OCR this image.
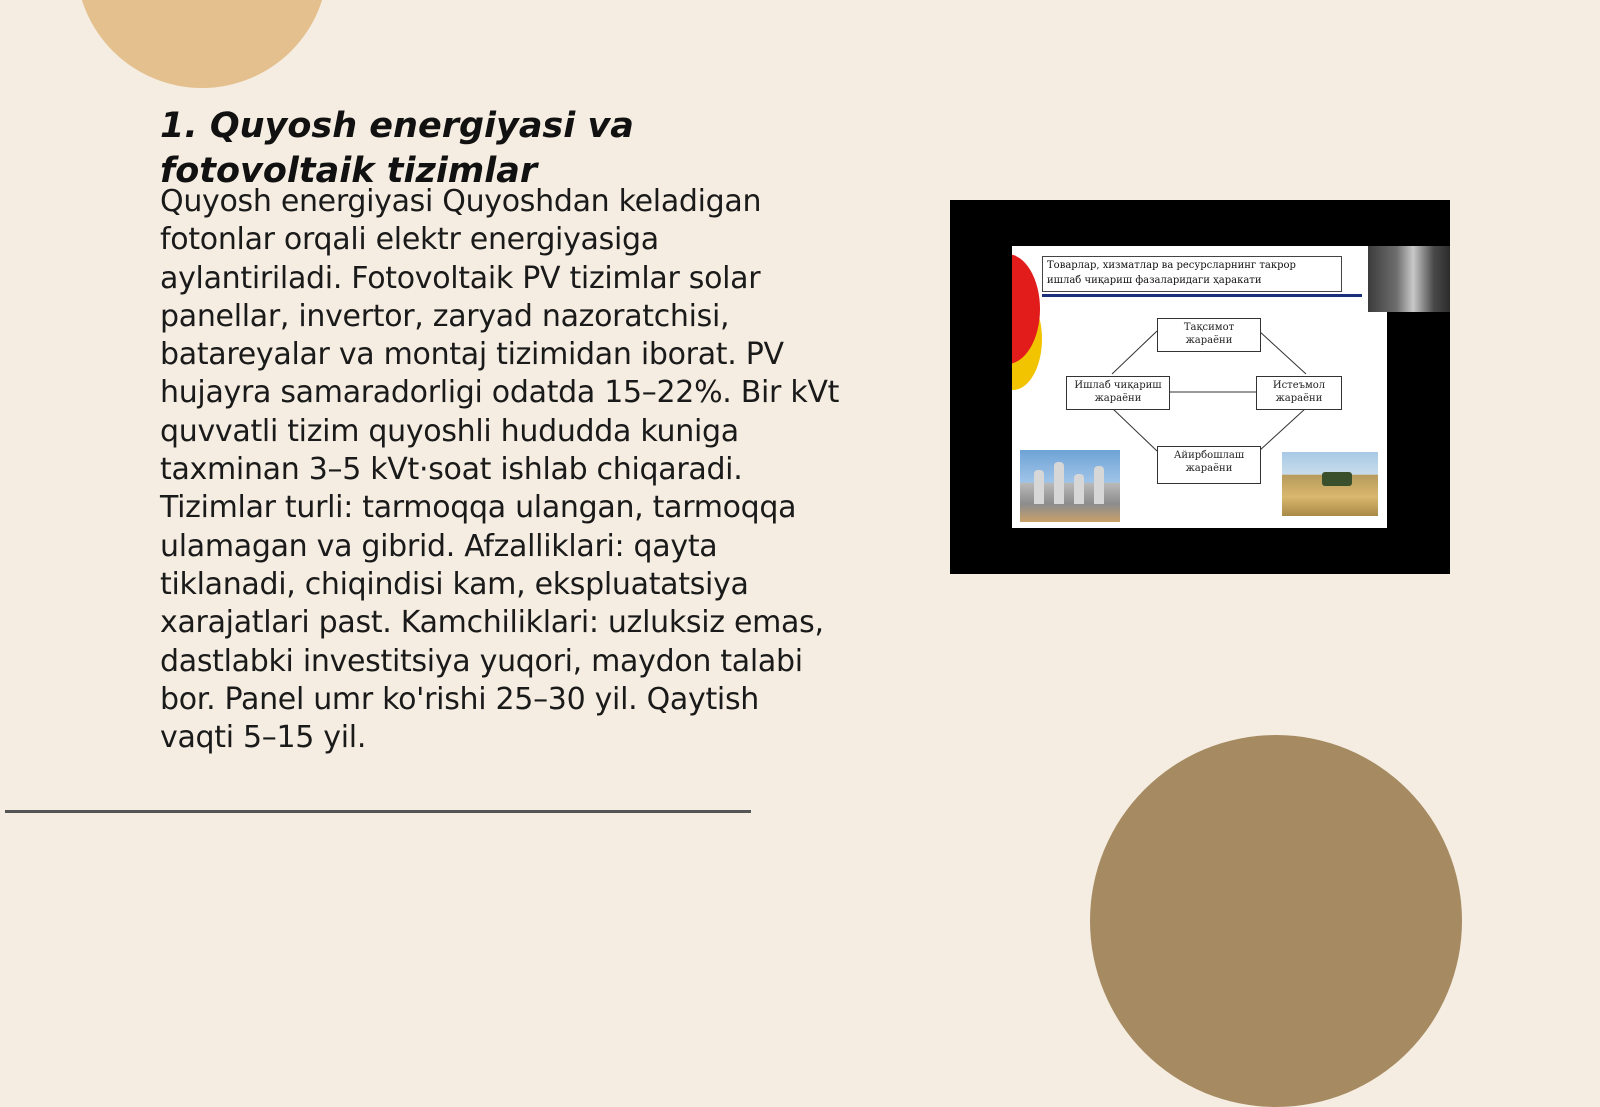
1. Quyosh energiyasi va fotovoltaik tizimlar

Quyosh energiyasi Quyoshdan keladigan fotonlar orqali elektr energiyasiga aylantiriladi. Fotovoltaik PV tizimlar solar panellar, invertor, zaryad nazoratchisi, batareyalar va montaj tizimidan iborat. PV hujayra samaradorligi odatda 15–22%. Bir kVt quvvatli tizim quyoshli hududda kuniga taxminan 3–5 kVt·soat ishlab chiqaradi. Tizimlar turli: tarmoqqa ulangan, tarmoqqa ulamagan va gibrid. Afzalliklari: qayta tiklanadi, chiqindisi kam, ekspluatatsiya xarajatlari past. Kamchiliklari: uzluksiz emas, dastlabki investitsiya yuqori, maydon talabi bor. Panel umr ko'rishi 25–30 yil. Qaytish vaqti 5–15 yil.

Товарлар, хизматлар ва ресурсларнинг такрор
ишлаб чиқариш фазаларидаги ҳаракати
Тақсимот
жараёни
Ишлаб чиқариш
жараёни
Истеъмол
жараёни
Айирбошлаш
жараёни
